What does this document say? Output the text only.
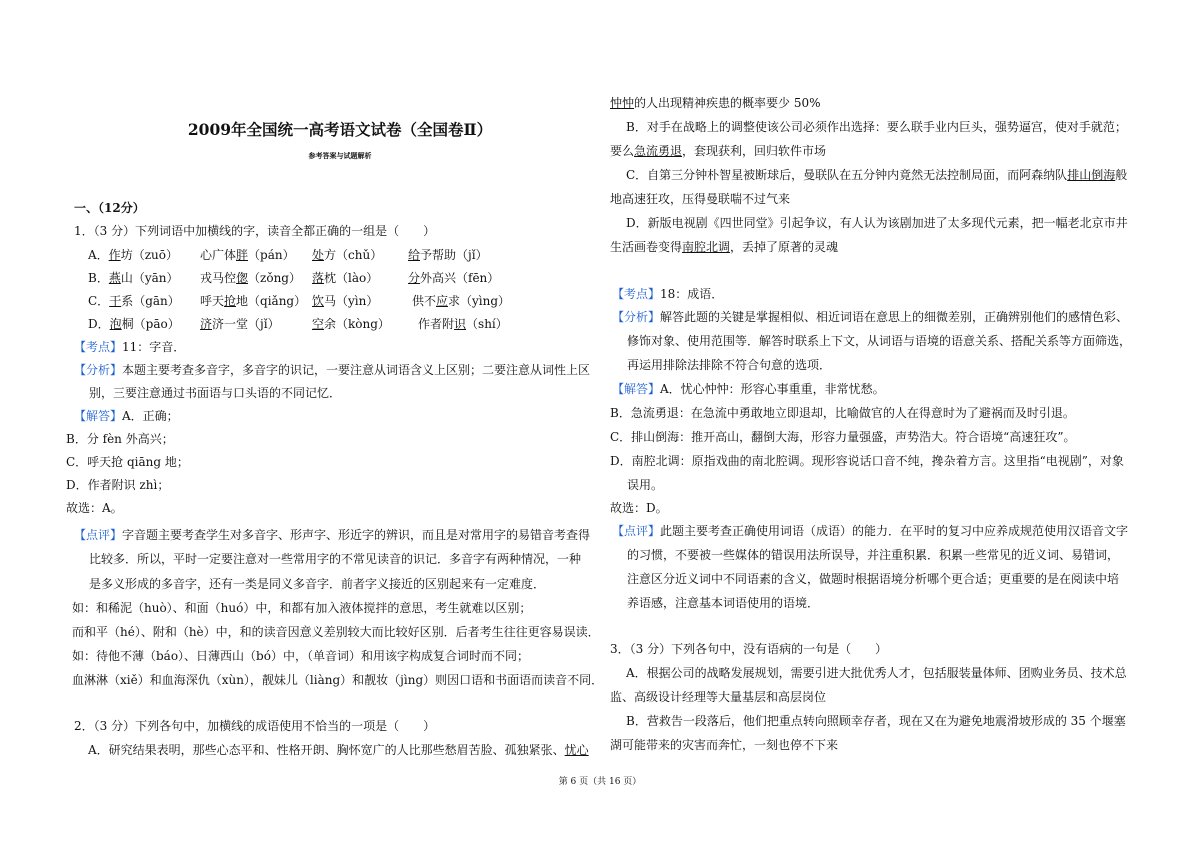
2009年全国统一高考语文试卷（全国卷Ⅱ）
参考答案与试题解析
一、（12分）
1．（3 分）下列词语中加横线的字，读音全都正确的一组是（　　）
A．作坊（zuō） 心广体胖（pán） 处方（chǔ） 给予帮助（jǐ）
B．燕山（yān） 戎马倥偬（zǒng） 落枕（lào） 分外高兴（fēn）
C．干系（gān） 呼天抢地（qiǎng） 饮马（yìn）	供不应求（yìng）
D．泡桐（pāo） 济济一堂（jǐ）	空余（kòng） 作者附识（shí）
【考点】11：字音．
【分析】本题主要考查多音字，多音字的识记，一要注意从词语含义上区别；二要注意从词性上区
别，三要注意通过书面语与口头语的不同记忆．
【解答】A．正确；
B．分 fèn 外高兴；
C．呼天抢 qiāng 地；
D．作者附识 zhì；
故选：A。
【点评】字音题主要考查学生对多音字、形声字、形近字的辨识，而且是对常用字的易错音考查得
比较多．所以，平时一定要注意对一些常用字的不常见读音的识记．多音字有两种情况，一种
是多义形成的多音字，还有一类是同义多音字．前者字义接近的区别起来有一定难度．
如：和稀泥（huò）、和面（huó）中，和都有加入液体搅拌的意思，考生就难以区别；
而和平（hé）、附和（hè）中，和的读音因意义差别较大而比较好区别．后者考生往往更容易误读．
如：待他不薄（báo）、日薄西山（bó）中，（单音词）和用该字构成复合词时而不同；
血淋淋（xiě）和血海深仇（xùn），靓妹儿（liàng）和靓妆（jìng）则因口语和书面语而读音不同．
2．（3 分）下列各句中，加横线的成语使用不恰当的一项是（　　）
A．研究结果表明，那些心态平和、性格开朗、胸怀宽广的人比那些愁眉苦脸、孤独紧张、忧心
忡忡的人出现精神疾患的概率要少 50%
B．对手在战略上的调整使该公司必须作出选择：要么联手业内巨头，强势逼宫，使对手就范；
要么急流勇退，套现获利，回归软件市场
C．自第三分钟朴智星被断球后，曼联队在五分钟内竟然无法控制局面，而阿森纳队排山倒海般
地高速狂攻，压得曼联喘不过气来
D．新版电视剧《四世同堂》引起争议，有人认为该剧加进了太多现代元素，把一幅老北京市井
生活画卷变得南腔北调，丢掉了原著的灵魂
【考点】18：成语．
【分析】解答此题的关键是掌握相似、相近词语在意思上的细微差别，正确辨别他们的感情色彩、
修饰对象、使用范围等．解答时联系上下文，从词语与语境的语意关系、搭配关系等方面筛选，
再运用排除法排除不符合句意的选项．
【解答】A．忧心忡忡：形容心事重重，非常忧愁。
B．急流勇退：在急流中勇敢地立即退却，比喻做官的人在得意时为了避祸而及时引退。
C．排山倒海：推开高山，翻倒大海，形容力量强盛，声势浩大。符合语境“高速狂攻”。
D．南腔北调：原指戏曲的南北腔调。现形容说话口音不纯，搀杂着方言。这里指“电视剧”，对象
误用。
故选：D。
【点评】此题主要考查正确使用词语（成语）的能力．在平时的复习中应养成规范使用汉语音文字
的习惯，不要被一些媒体的错误用法所误导，并注重积累．积累一些常见的近义词、易错词，
注意区分近义词中不同语素的含义，做题时根据语境分析哪个更合适；更重要的是在阅读中培
养语感，注意基本词语使用的语境．
3．（3 分）下列各句中，没有语病的一句是（　　）
A．根据公司的战略发展规划，需要引进大批优秀人才，包括服装量体师、团购业务员、技术总
监、高级设计经理等大量基层和高层岗位
B．营救告一段落后，他们把重点转向照顾幸存者，现在又在为避免地震滑坡形成的 35 个堰塞
湖可能带来的灾害而奔忙，一刻也停不下来
第 6 页（共 16 页）
